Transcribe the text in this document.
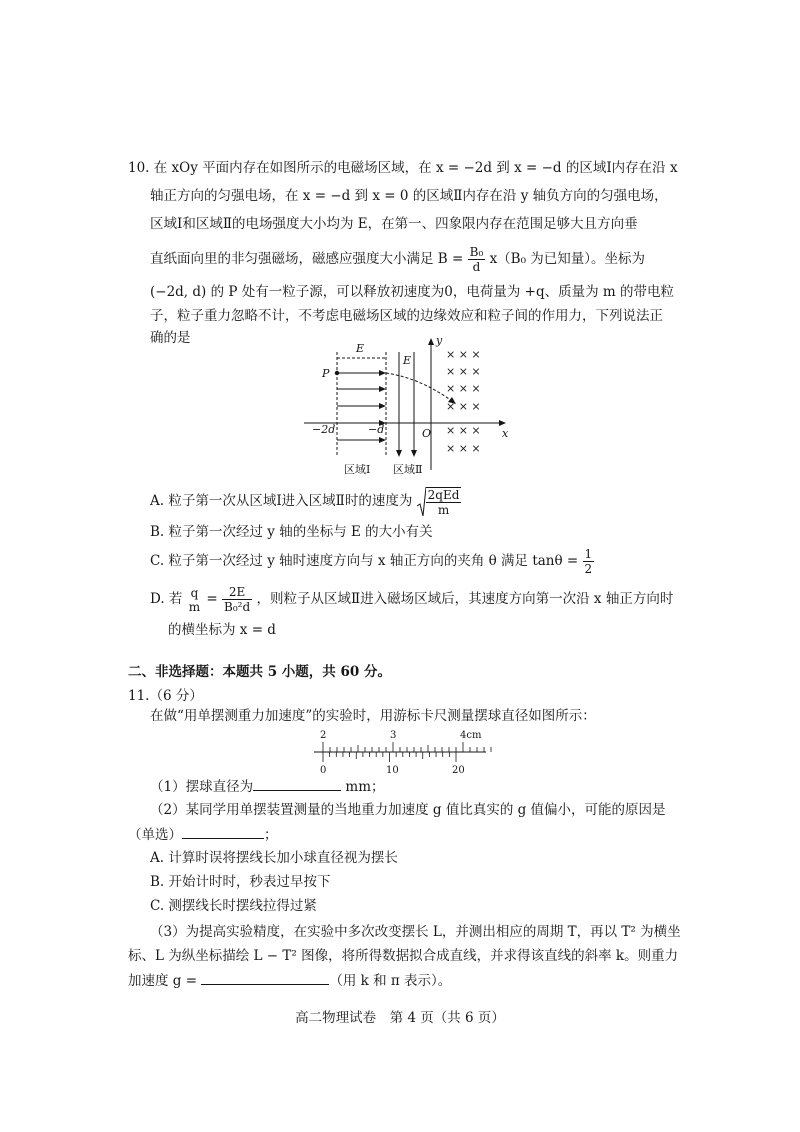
10. 在 xOy 平面内存在如图所示的电磁场区域，在 x = −2d 到 x = −d 的区域Ⅰ内存在沿 x
轴正方向的匀强电场，在 x = −d 到 x = 0 的区域Ⅱ内存在沿 y 轴负方向的匀强电场，
区域Ⅰ和区域Ⅱ的电场强度大小均为 E，在第一、四象限内存在范围足够大且方向垂
直纸面向里的非匀强磁场，磁感应强度大小满足 $B = \frac{\text{B₀}}{d} x(B_0$ 为已知量）。坐标为
(−2d, d) 的 P 处有一粒子源，可以释放初速度为0，电荷量为 +q、质量为 m 的带电粒
子，粒子重力忽略不计，不考虑电磁场区域的边缘效应和粒子间的作用力，下列说法正
确的是	y
x
O
E
E
P
× × ×
× × ×
× × ×
× × ×
× × ×
× × ×
−2d	−d
区域Ⅰ 区域Ⅱ
A. 粒子第一次从区域Ⅰ进入区域Ⅱ时的速度为 $\frac{\text{2qEd}}{m}$
B. 粒子第一次经过 y 轴的坐标与 E 的大小有关
C. 粒子第一次经过 y 轴时速度方向与 x 轴正方向的夹角 θ 满足 $\tan\theta = \frac{1}{2}$
D. 若 q
$m = \frac{2E}{\text{B₀²d}}$ ，则粒子从区域Ⅱ进入磁场区域后，其速度方向第一次沿 x 轴正方向时
的横坐标为 x = d
二、非选择题：本题共 5 小题，共 60 分。
11.（6 分）
在做“用单摆测重力加速度”的实验时，用游标卡尺测量摆球直径如图所示：
2	3	4cm
0	10	20
（1）摆球直径为	mm；
（2）某同学用单摆装置测量的当地重力加速度 g 值比真实的 g 值偏小，可能的原因是
（单选）	；
A. 计算时误将摆线长加小球直径视为摆长
B. 开始计时时，秒表过早按下
C. 测摆线长时摆线拉得过紧
（3）为提高实验精度，在实验中多次改变摆长 L，并测出相应的周期 T，再以 T² 为横坐
标、L 为纵坐标描绘 L − T² 图像，将所得数据拟合成直线，并求得该直线的斜率 k。则重力
加速度 g =	（用 k 和 π 表示）。
高二物理试卷　第 4 页（共 6 页）
